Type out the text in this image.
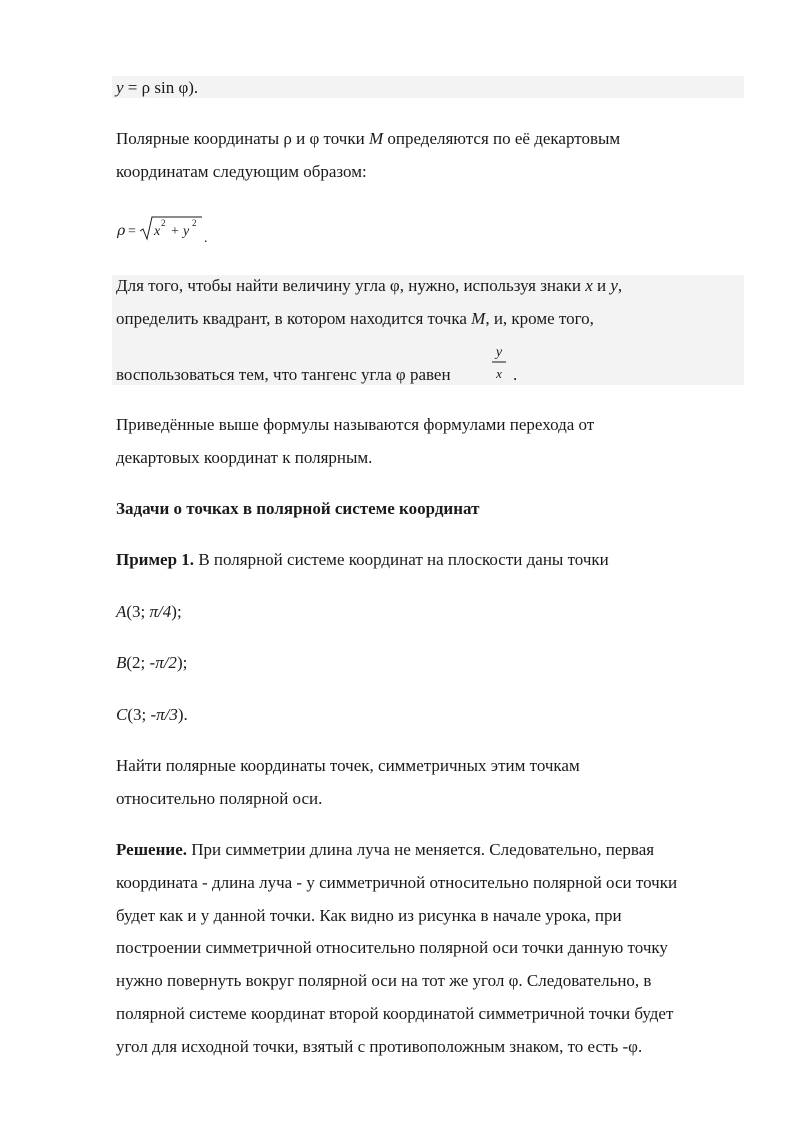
y = ρ sin φ).
Полярные координаты ρ и φ точки M определяются по её декартовым
координатам следующим образом:
ρ = x
2
+ y
2
.
Для того, чтобы найти величину угла φ, нужно, используя знаки x и y,
определить квадрант, в котором находится точка M, и, кроме того,
воспользоваться тем, что тангенс угла φ равен
y
x .
Приведённые выше формулы называются формулами перехода от
декартовых координат к полярным.
Задачи о точках в полярной системе координат
Пример 1. В полярной системе координат на плоскости даны точки
A(3; π/4);
B(2; -π/2);
C(3; -π/3).
Найти полярные координаты точек, симметричных этим точкам
относительно полярной оси.
Решение. При симметрии длина луча не меняется. Следовательно, первая
координата - длина луча - у симметричной относительно полярной оси точки
будет как и у данной точки. Как видно из рисунка в начале урока, при
построении симметричной относительно полярной оси точки данную точку
нужно повернуть вокруг полярной оси на тот же угол φ. Следовательно, в
полярной системе координат второй координатой симметричной точки будет
угол для исходной точки, взятый с противоположным знаком, то есть -φ.
